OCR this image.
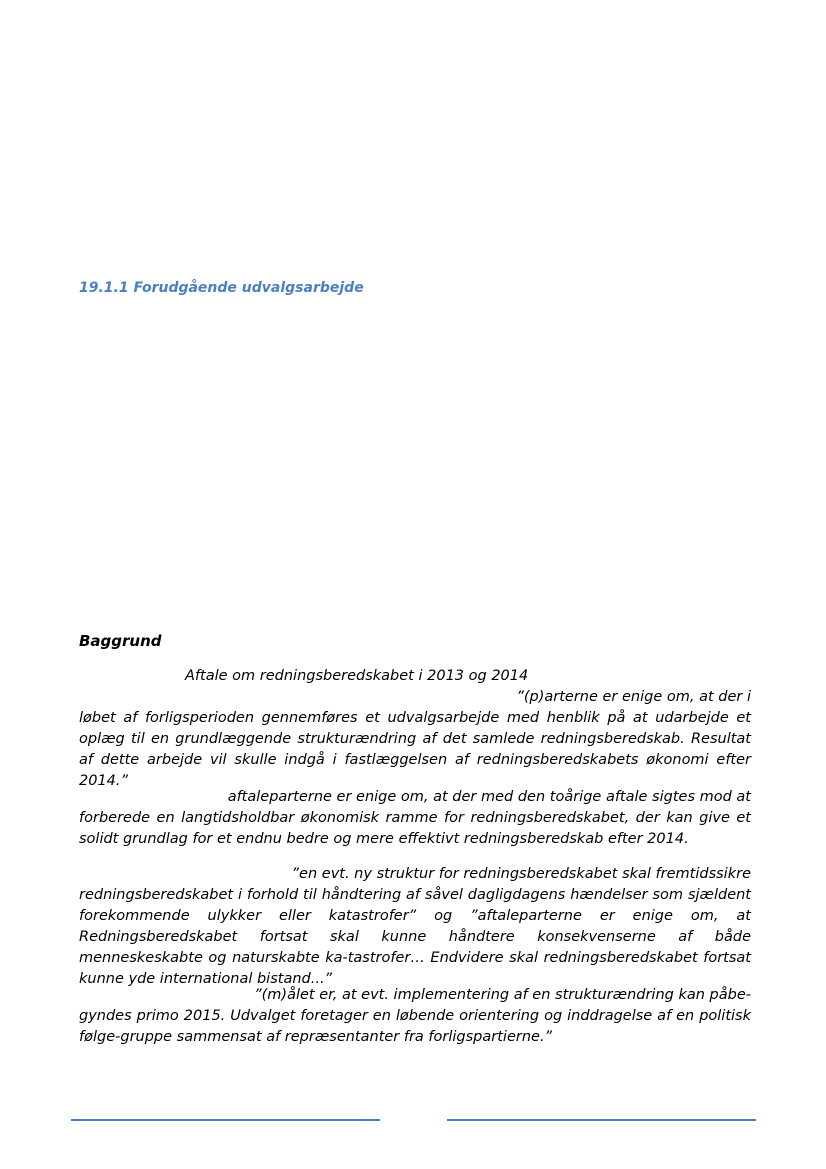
19.1.1 Forudgående udvalgsarbejde
Baggrund
Aftale om redningsberedskabet i 2013 og 2014
”(p)arterne er enige om, at der i
løbet af forligsperioden gennemføres et udvalgsarbejde med henblik på at udarbejde et oplæg til en grundlæggende strukturændring af det samlede redningsberedskab. Resultat af dette arbejde vil skulle indgå i fastlæggelsen af redningsberedskabets økonomi efter 2014.”
aftaleparterne er enige om, at der med den toårige aftale sigtes mod at
forberede en langtidsholdbar økonomisk ramme for redningsberedskabet, der kan give et solidt grundlag for et endnu bedre og mere effektivt redningsberedskab efter 2014.
”en evt. ny struktur for redningsberedskabet skal fremtidssikre
redningsberedskabet i forhold til håndtering af såvel dagligdagens hændelser som sjældent forekommende ulykker eller katastrofer” og ”aftaleparterne er enige om, at Redningsberedskabet fortsat skal kunne håndtere konsekvenserne af både menneskeskabte og naturskabte ka-tastrofer… Endvidere skal redningsberedskabet fortsat kunne yde international bistand...”
”(m)ålet er, at evt. implementering af en strukturændring kan påbe-
gyndes primo 2015. Udvalget foretager en løbende orientering og inddragelse af en politisk følge-gruppe sammensat af repræsentanter fra forligspartierne.”
